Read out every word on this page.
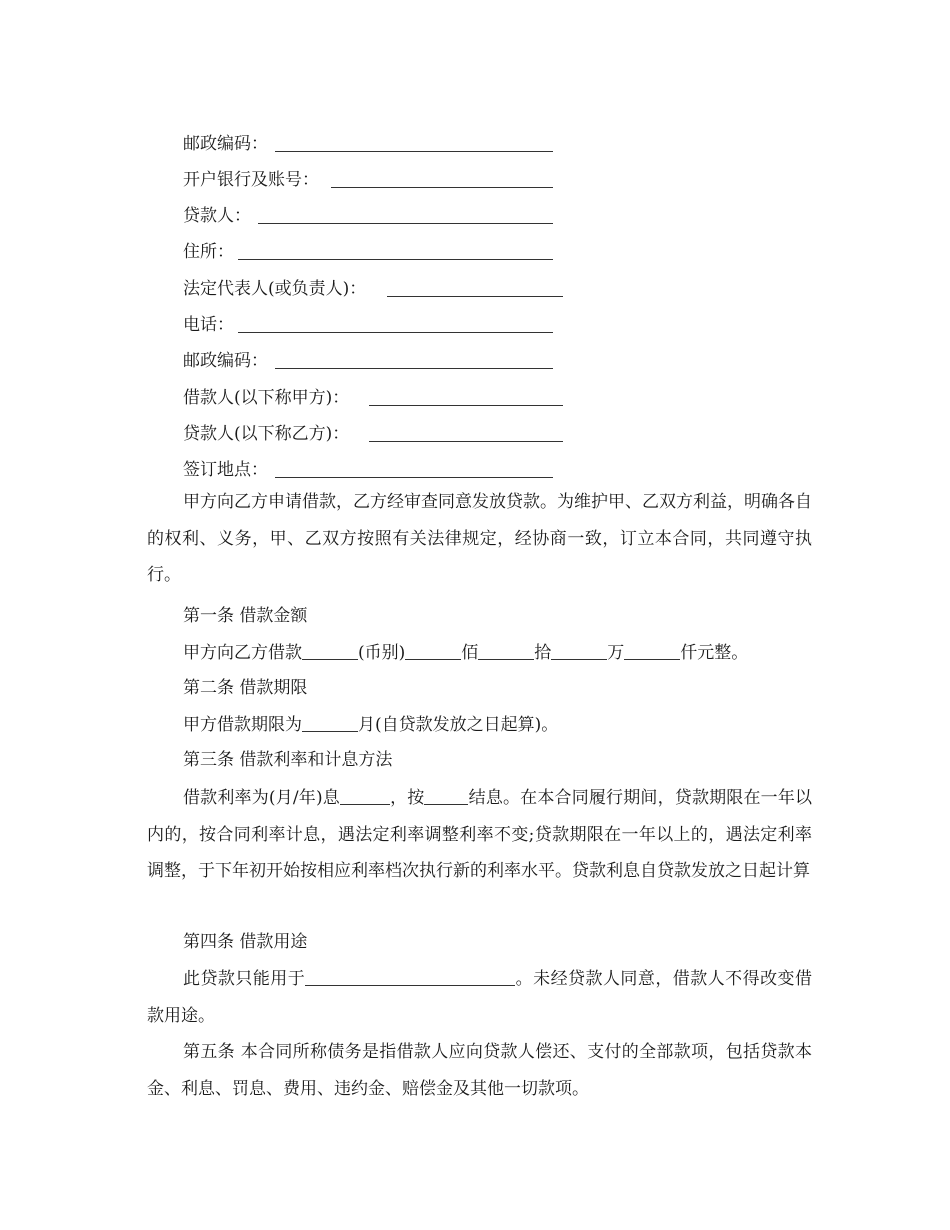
邮政编码：
开户银行及账号：
贷款人：
住所：
法定代表人(或负责人)：
电话：
邮政编码：
借款人(以下称甲方)：
贷款人(以下称乙方)：
签订地点：
甲方向乙方申请借款，乙方经审查同意发放贷款。为维护甲、乙双方利益，明确各自的权利、义务，甲、乙双方按照有关法律规定，经协商一致，订立本合同，共同遵守执行。
第一条 借款金额
甲方向乙方借款	(币别)	佰	拾	万	仟元整。
第二条 借款期限
甲方借款期限为	月(自贷款发放之日起算)。
第三条 借款利率和计息方法
借款利率为(月/年)息	，按	结息。在本合同履行期间，贷款期限在一年以内的，按合同利率计息，遇法定利率调整利率不变;贷款期限在一年以上的，遇法定利率调整，于下年初开始按相应利率档次执行新的利率水平。贷款利息自贷款发放之日起计算
第四条 借款用途
此贷款只能用于	。未经贷款人同意，借款人不得改变借款用途。
第五条 本合同所称债务是指借款人应向贷款人偿还、支付的全部款项，包括贷款本金、利息、罚息、费用、违约金、赔偿金及其他一切款项。
